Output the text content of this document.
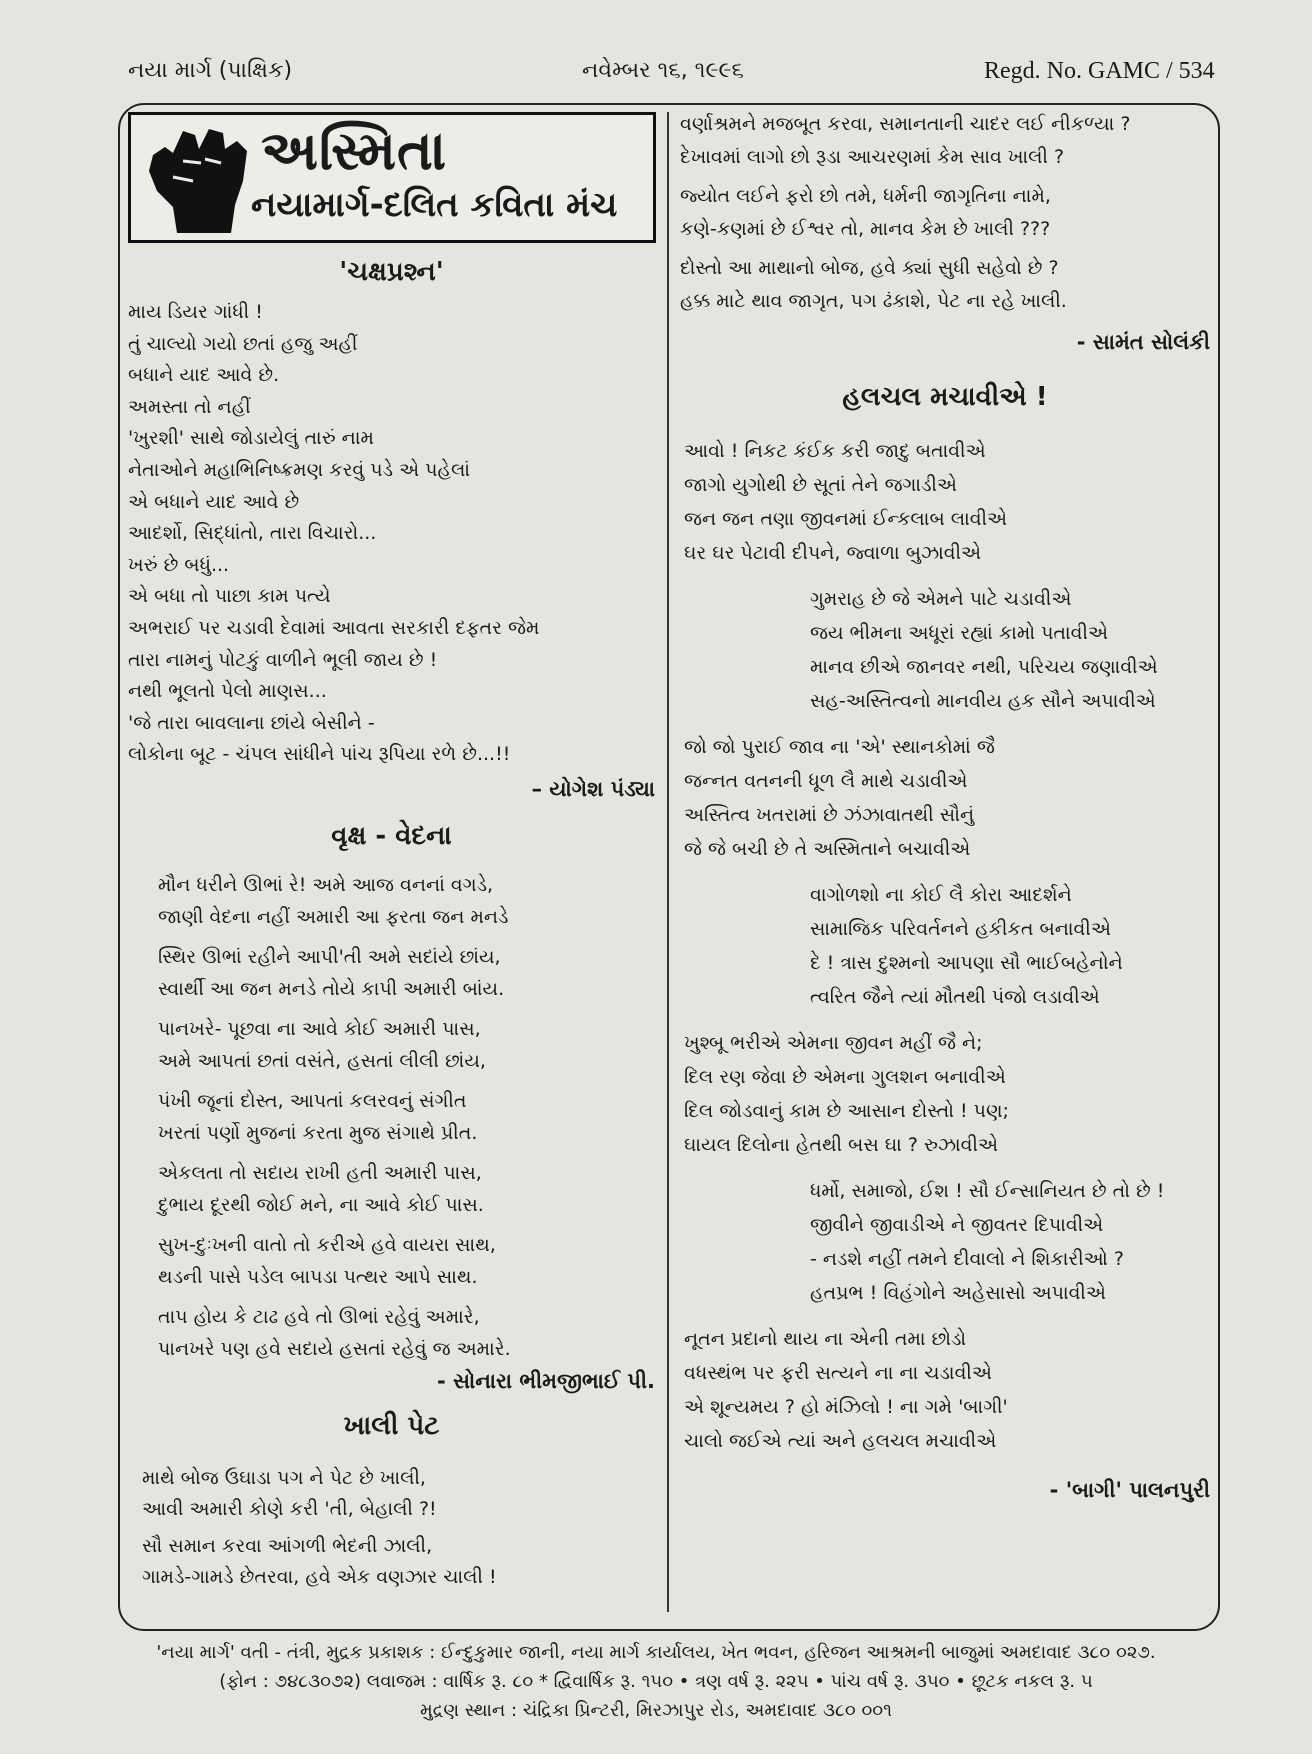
નયા માર્ગ (પાક્ષિક)	નવેમ્બર ૧૬, ૧૯૯૬	Regd. No. GAMC / 534
અસ્મિતા
નયામાર્ગ-દલિત કવિતા મંચ
'ચક્ષપ્રશ્ન'
માય ડિયર ગાંધી !
તું ચાલ્યો ગયો છતાં હજુ અહીં
બધાને યાદ આવે છે.
અમસ્તા તો નહીં
'ખુરશી' સાથે જોડાયેલું તારું નામ
નેતાઓને મહાભિનિષ્ક્રમણ કરવું પડે એ પહેલાં
એ બધાને યાદ આવે છે
આદર્શો, સિદ્ધાંતો, તારા વિચારો...
ખરું છે બધું...
એ બધા તો પાછા કામ પત્યે
અભરાઈ પર ચડાવી દેવામાં આવતા સરકારી દફતર જેમ
તારા નામનું પોટકું વાળીને ભૂલી જાય છે !
નથી ભૂલતો પેલો માણસ...
'જે તારા બાવલાના છાંયે બેસીને -
લોકોના બૂટ - ચંપલ સાંધીને પાંચ રૂપિયા રળે છે...!!
– યોગેશ પંડ્યા
વૃક્ષ - વેદના
મૌન ધરીને ઊભાં રે! અમે આજ વનનાં વગડે,
જાણી વેદના નહીં અમારી આ ફરતા જન મનડે
સ્થિર ઊભાં રહીને આપી'તી અમે સદાંયે છાંય,
સ્વાર્થી આ જન મનડે તોયે કાપી અમારી બાંય.
પાનખરે- પૂછવા ના આવે કોઈ અમારી પાસ,
અમે આપતાં છતાં વસંતે, હસતાં લીલી છાંય,
પંખી જૂનાં દોસ્ત, આપતાં કલરવનું સંગીત
ખરતાં પર્ણો મુજનાં કરતા મુજ સંગાથે પ્રીત.
એકલતા તો સદાય રાખી હતી અમારી પાસ,
દુભાય દૂરથી જોઈ મને, ના આવે કોઈ પાસ.
સુખ-દુઃખની વાતો તો કરીએ હવે વાયરા સાથ,
થડની પાસે પડેલ બાપડા પત્થર આપે સાથ.
તાપ હોય કે ટાઢ હવે તો ઊભાં રહેવું અમારે,
પાનખરે પણ હવે સદાયે હસતાં રહેવું જ અમારે.
- સોનારા ભીમજીભાઈ પી.
ખાલી પેટ
માથે બોજ ઉઘાડા પગ ને પેટ છે ખાલી,
આવી અમારી કોણે કરી 'તી, બેહાલી ?!
સૌ સમાન કરવા આંગળી ભેદની ઝાલી,
ગામડે-ગામડે છેતરવા, હવે એક વણઝાર ચાલી !
વર્ણાશ્રમને મજબૂત કરવા, સમાનતાની ચાદર લઈ નીકળ્યા ?
દેખાવમાં લાગો છો રૂડા આચરણમાં કેમ સાવ ખાલી ?
જ્યોત લઈને ફરો છો તમે, ધર્મની જાગૃતિના નામે,
કણે-કણમાં છે ઈશ્વર તો, માનવ કેમ છે ખાલી ???
દોસ્તો આ માથાનો બોજ, હવે ક્યાં સુધી સહેવો છે ?
હક્ક માટે થાવ જાગૃત, પગ ઢંકાશે, પેટ ના રહે ખાલી.
- સામંત સોલંકી
હલચલ મચાવીએ !
આવો ! નિકટ કંઈક કરી જાદુ બતાવીએ
જાગો યુગોથી છે સૂતાં તેને જગાડીએ
જન જન તણા જીવનમાં ઈન્કલાબ લાવીએ
ઘર ઘર પેટાવી દીપને, જ્વાળા બુઝાવીએ
ગુમરાહ છે જે એમને પાટે ચડાવીએ
જય ભીમના અધૂરાં રહ્યાં કામો પતાવીએ
માનવ છીએ જાનવર નથી, પરિચય જણાવીએ
સહ-અસ્તિત્વનો માનવીય હક સૌને અપાવીએ
જો જો પુરાઈ જાવ ના 'એ' સ્થાનકોમાં જૈ
જન્નત વતનની ધૂળ લૈ માથે ચડાવીએ
અસ્તિત્વ ખતરામાં છે ઝંઝાવાતથી સૌનું
જે જે બચી છે તે અસ્મિતાને બચાવીએ
વાગોળશો ના કોઈ લૈ કોરા આદર્શને
સામાજિક પરિવર્તનને હકીકત બનાવીએ
દે ! ત્રાસ દુશ્મનો આપણા સૌ ભાઈબહેનોને
ત્વરિત જૈને ત્યાં મૌતથી પંજો લડાવીએ
ખુશ્બૂ ભરીએ એમના જીવન મહીં જૈ ને;
દિલ રણ જેવા છે એમના ગુલશન બનાવીએ
દિલ જોડવાનું કામ છે આસાન દોસ્તો ! પણ;
ઘાયલ દિલોના હેતથી બસ ઘા ? રુઝાવીએ
ધર્મો, સમાજો, ઈશ ! સૌ ઈન્સાનિયત છે તો છે !
જીવીને જીવાડીએ ને જીવતર દિપાવીએ
- નડશે નહીં તમને દીવાલો ને શિકારીઓ ?
હતપ્રભ ! વિહંગોને અહેસાસો અપાવીએ
નૂતન પ્રદાનો થાય ના એની તમા છોડો
વધસ્થંભ પર ફરી સત્યને ના ના ચડાવીએ
એ શૂન્યમય ? હો મંઝિલો ! ના ગમે 'બાગી'
ચાલો જઈએ ત્યાં અને હલચલ મચાવીએ
- 'બાગી' પાલનપુરી
'નયા માર્ગ' વતી - તંત્રી, મુદ્રક પ્રકાશક : ઈન્દુકુમાર જાની, નયા માર્ગ કાર્યાલય, ખેત ભવન, હરિજન આશ્રમની બાજુમાં અમદાવાદ ૩૮૦ ૦૨૭.
(ફોન : ૭૪૮૩૦૭૨) લવાજમ : વાર્ષિક રૂ. ૮૦ * દ્વિવાર્ષિક રૂ. ૧૫૦ • ત્રણ વર્ષ રૂ. ૨૨૫ • પાંચ વર્ષ રૂ. ૩૫૦ • છૂટક નકલ રૂ. ૫
મુદ્રણ સ્થાન : ચંદ્રિકા પ્રિન્ટરી, મિરઝાપુર રોડ, અમદાવાદ ૩૮૦ ૦૦૧
